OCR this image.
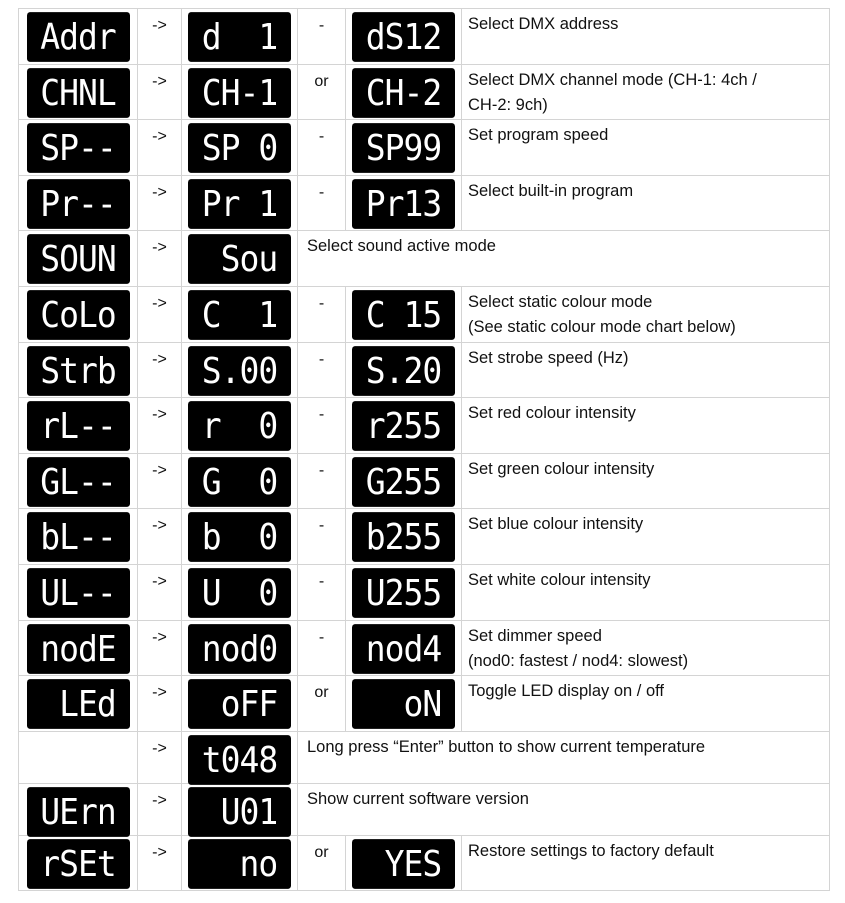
Addr	->	d  1	-	dS12	Select DMX address

CHNL	->	CH-1	or	CH-2	Select DMX channel mode (CH-1: 4ch /
CH-2: 9ch)

SP--	->	SP 0	-	SP99	Set program speed

Pr--	->	Pr 1	-	Pr13	Select built-in program

SOUN	->	Sou	Select sound active mode		

CoLo	->	C  1	-	C 15	Select static colour mode
(See static colour mode chart below)

Strb	->	S.00	-	S.20	Set strobe speed (Hz)

rL--	->	r  0	-	r255	Set red colour intensity

GL--	->	G  0	-	G255	Set green colour intensity

bL--	->	b  0	-	b255	Set blue colour intensity

UL--	->	U  0	-	U255	Set white colour intensity

nodE	->	nod0	-	nod4	Set dimmer speed
(nod0: fastest / nod4: slowest)

LEd	->	oFF	or	oN	Toggle LED display on / off

	->	t048	Long press “Enter” button to show current temperature		

UErn	->	U01	Show current software version		

rSEt	->	no	or	YES	Restore settings to factory default
